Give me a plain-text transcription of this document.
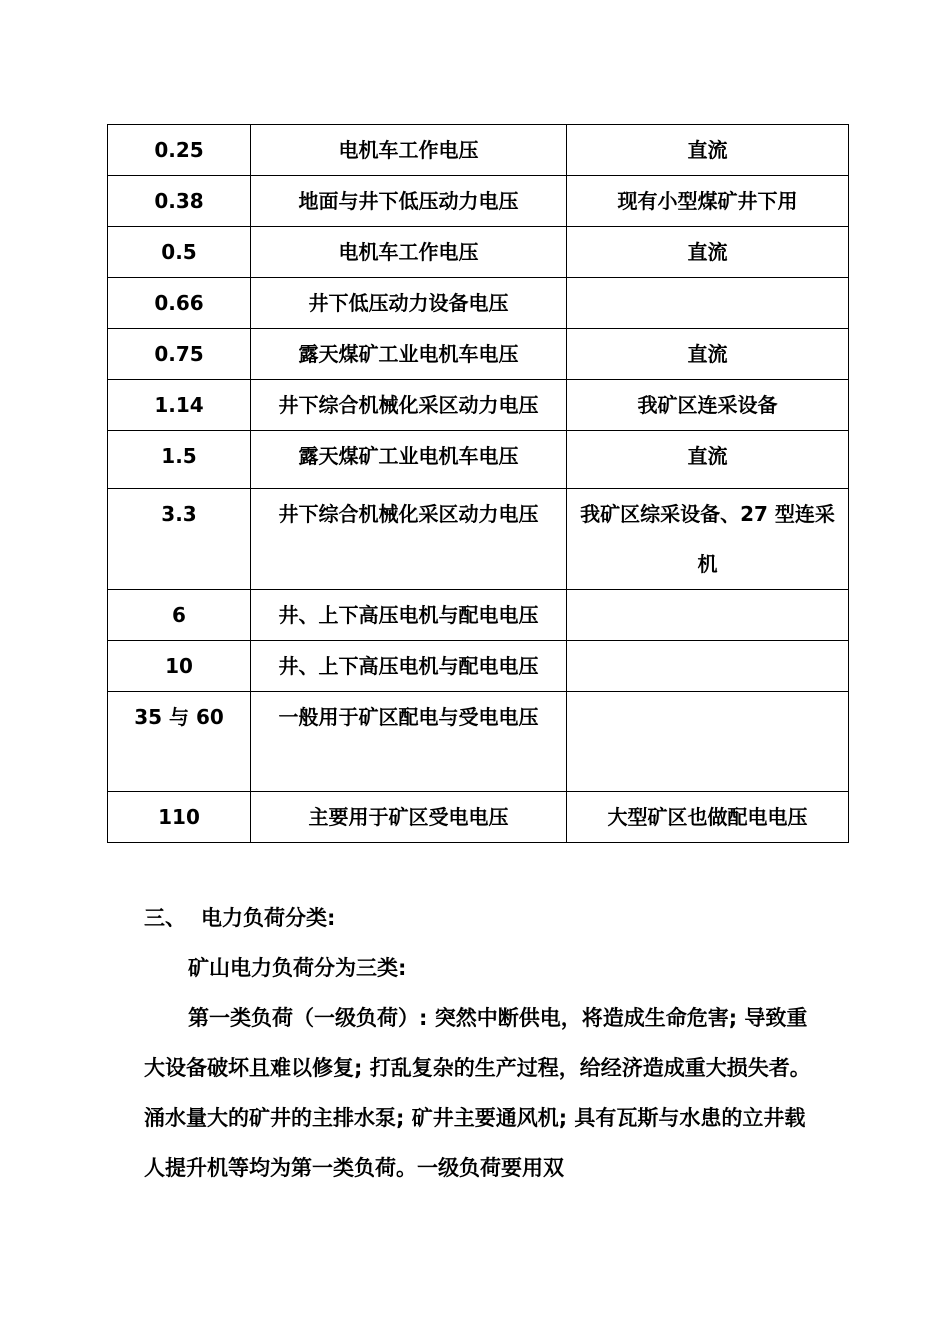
0.25	电机车工作电压	直流
0.38	地面与井下低压动力电压	现有小型煤矿井下用
0.5	电机车工作电压	直流
0.66	井下低压动力设备电压	
0.75	露天煤矿工业电机车电压	直流
1.14	井下综合机械化采区动力电压	我矿区连采设备
1.5	露天煤矿工业电机车电压	直流
3.3	井下综合机械化采区动力电压	我矿区综采设备、27 型连采机
6	井、上下高压电机与配电电压	
10	井、上下高压电机与配电电压	
35 与 60	一般用于矿区配电与受电电压	
110	主要用于矿区受电电压	大型矿区也做配电电压

三、 电力负荷分类:

矿山电力负荷分为三类:

第一类负荷（一级负荷）: 突然中断供电，将造成生命危害; 导致重大设备破坏且难以修复; 打乱复杂的生产过程，给经济造成重大损失者。涌水量大的矿井的主排水泵; 矿井主要通风机; 具有瓦斯与水患的立井载人提升机等均为第一类负荷。一级负荷要用双
